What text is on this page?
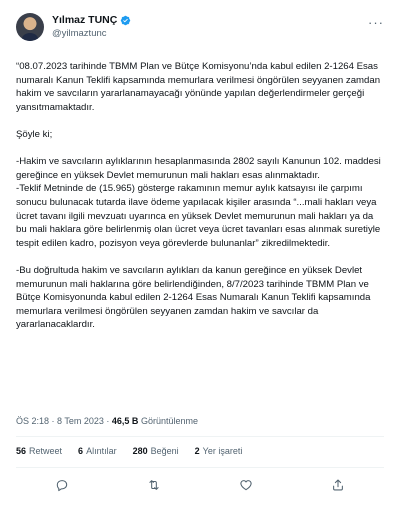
Yılmaz TUNÇ
@yilmaztunc
···

“08.07.2023 tarihinde TBMM Plan ve Bütçe Komisyonu’nda kabul edilen 2-1264 Esas numaralı Kanun Teklifi kapsamında memurlara verilmesi öngörülen seyyanen zamdan hakim ve savcıların yararlanamayacağı yönünde yapılan değerlendirmeler gerçeği yansıtmamaktadır.

Şöyle ki;

-Hakim ve savcıların aylıklarının hesaplanmasında 2802 sayılı Kanunun 102. maddesi gereğince en yüksek Devlet memurunun mali hakları esas alınmaktadır.
-Teklif Metninde de (15.965) gösterge rakamının memur aylık katsayısı ile çarpımı sonucu bulunacak tutarda ilave ödeme yapılacak kişiler arasında “...mali hakları veya ücret tavanı ilgili mevzuatı uyarınca en yüksek Devlet memurunun mali hakları ya da bu mali haklara göre belirlenmiş olan ücret veya ücret tavanları esas alınmak suretiyle tespit edilen kadro, pozisyon veya görevlerde bulunanlar” zikredilmektedir.

-Bu doğrultuda hakim ve savcıların aylıkları da kanun gereğince en yüksek Devlet memurunun mali haklarına göre belirlendiğinden, 8/7/2023 tarihinde TBMM Plan ve Bütçe Komisyonunda kabul edilen 2-1264 Esas Numaralı Kanun Teklifi kapsamında memurlara verilmesi öngörülen seyyanen zamdan hakim ve savcılar da yararlanacaklardır.

ÖS 2:18 · 8 Tem 2023 · 46,5 B Görüntülenme
56 Retweet 6 Alıntılar 280 Beğeni 2 Yer işareti
